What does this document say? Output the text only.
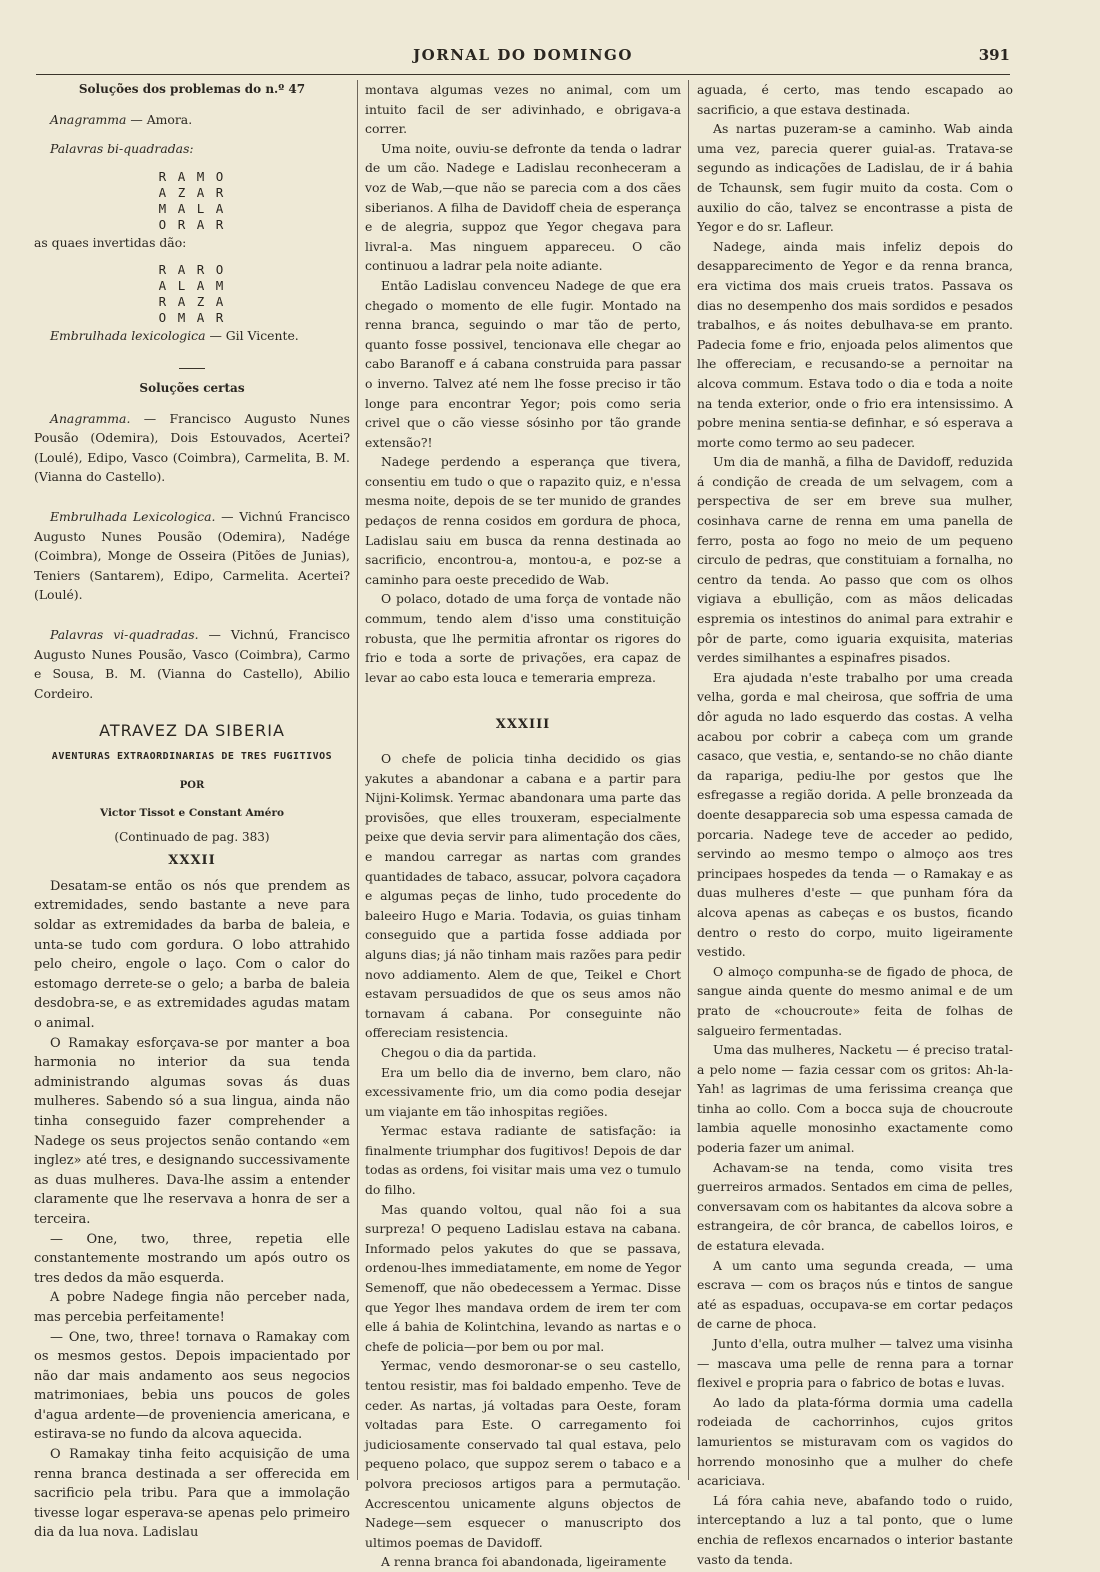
JORNAL DO DOMINGO	391
Soluções dos problemas do n.º 47

Anagramma — Amora.

Palavras bi-quadradas:

R A M O
A Z A R
M A L A
O R A R

as quaes invertidas dão:

R A R O
A L A M
R A Z A
O M A R

Embrulhada lexicologica — Gil Vicente.

Soluções certas

Anagramma. — Francisco Augusto Nunes Pousão (Odemira), Dois Estouvados, Acertei? (Loulé), Edipo, Vasco (Coimbra), Carmelita, B. M. (Vianna do Castello).

Embrulhada Lexicologica. — Vichnú Francisco Augusto Nunes Pousão (Odemira), Nadége (Coimbra), Monge de Osseira (Pitões de Junias), Teniers (Santarem), Edipo, Carmelita. Acertei? (Loulé).

Palavras vi-quadradas. — Vichnú, Francisco Augusto Nunes Pousão, Vasco (Coimbra), Carmo e Sousa, B. M. (Vianna do Castello), Abilio Cordeiro.

ATRAVEZ DA SIBERIA
AVENTURAS EXTRAORDINARIAS DE TRES FUGITIVOS
POR
Victor Tissot e Constant Améro
(Continuado de pag. 383)
XXXII

Desatam-se então os nós que prendem as extremidades, sendo bastante a neve para soldar as extremidades da barba de baleia, e unta-se tudo com gordura. O lobo attrahido pelo cheiro, engole o laço. Com o calor do estomago derrete-se o gelo; a barba de baleia desdobra-se, e as extremidades agudas matam o animal.

O Ramakay esforçava-se por manter a boa harmonia no interior da sua tenda administrando algumas sovas ás duas mulheres. Sabendo só a sua lingua, ainda não tinha conseguido fazer comprehender a Nadege os seus projectos senão contando «em inglez» até tres, e designando successivamente as duas mulheres. Dava-lhe assim a entender claramente que lhe reservava a honra de ser a terceira.

— One, two, three, repetia elle constantemente mostrando um após outro os tres dedos da mão esquerda.

A pobre Nadege fingia não perceber nada, mas percebia perfeitamente!

— One, two, three! tornava o Ramakay com os mesmos gestos. Depois impacientado por não dar mais andamento aos seus negocios matrimoniaes, bebia uns poucos de goles d'agua ardente—de proveniencia americana, e estirava-se no fundo da alcova aquecida.

O Ramakay tinha feito acquisição de uma renna branca destinada a ser offerecida em sacrificio pela tribu. Para que a immolação tivesse logar esperava-se apenas pelo primeiro dia da lua nova. Ladislau

montava algumas vezes no animal, com um intuito facil de ser adivinhado, e obrigava-a correr.

Uma noite, ouviu-se defronte da tenda o ladrar de um cão. Nadege e Ladislau reconheceram a voz de Wab,—que não se parecia com a dos cães siberianos. A filha de Davidoff cheia de esperança e de alegria, suppoz que Yegor chegava para livral-a. Mas ninguem appareceu. O cão continuou a ladrar pela noite adiante.

Então Ladislau convenceu Nadege de que era chegado o momento de elle fugir. Montado na renna branca, seguindo o mar tão de perto, quanto fosse possivel, tencionava elle chegar ao cabo Baranoff e á cabana construida para passar o inverno. Talvez até nem lhe fosse preciso ir tão longe para encontrar Yegor; pois como seria crivel que o cão viesse sósinho por tão grande extensão?!

Nadege perdendo a esperança que tivera, consentiu em tudo o que o rapazito quiz, e n'essa mesma noite, depois de se ter munido de grandes pedaços de renna cosidos em gordura de phoca, Ladislau saiu em busca da renna destinada ao sacrificio, encontrou-a, montou-a, e poz-se a caminho para oeste precedido de Wab.

O polaco, dotado de uma força de vontade não commum, tendo alem d'isso uma constituição robusta, que lhe permitia afrontar os rigores do frio e toda a sorte de privações, era capaz de levar ao cabo esta louca e temeraria empreza.

XXXIII

O chefe de policia tinha decidido os gias yakutes a abandonar a cabana e a partir para Nijni-Kolimsk. Yermac abandonara uma parte das provisões, que elles trouxeram, especialmente peixe que devia servir para alimentação dos cães, e mandou carregar as nartas com grandes quantidades de tabaco, assucar, polvora caçadora e algumas peças de linho, tudo procedente do baleeiro Hugo e Maria. Todavia, os guias tinham conseguido que a partida fosse addiada por alguns dias; já não tinham mais razões para pedir novo addiamento. Alem de que, Teikel e Chort estavam persuadidos de que os seus amos não tornavam á cabana. Por conseguinte não offereciam resistencia.

Chegou o dia da partida.

Era um bello dia de inverno, bem claro, não excessivamente frio, um dia como podia desejar um viajante em tão inhospitas regiões.

Yermac estava radiante de satisfação: ia finalmente triumphar dos fugitivos! Depois de dar todas as ordens, foi visitar mais uma vez o tumulo do filho.

Mas quando voltou, qual não foi a sua surpreza! O pequeno Ladislau estava na cabana. Informado pelos yakutes do que se passava, ordenou-lhes immediatamente, em nome de Yegor Semenoff, que não obedecessem a Yermac. Disse que Yegor lhes mandava ordem de irem ter com elle á bahia de Kolintchina, levando as nartas e o chefe de policia—por bem ou por mal.

Yermac, vendo desmoronar-se o seu castello, tentou resistir, mas foi baldado empenho. Teve de ceder. As nartas, já voltadas para Oeste, foram voltadas para Este. O carregamento foi judiciosamente conservado tal qual estava, pelo pequeno polaco, que suppoz serem o tabaco e a polvora preciosos artigos para a permutação. Accrescentou unicamente alguns objectos de Nadege—sem esquecer o manuscripto dos ultimos poemas de Davidoff.

A renna branca foi abandonada, ligeiramente

aguada, é certo, mas tendo escapado ao sacrificio, a que estava destinada.

As nartas puzeram-se a caminho. Wab ainda uma vez, parecia querer guial-as. Tratava-se segundo as indicações de Ladislau, de ir á bahia de Tchaunsk, sem fugir muito da costa. Com o auxilio do cão, talvez se encontrasse a pista de Yegor e do sr. Lafleur.

Nadege, ainda mais infeliz depois do desapparecimento de Yegor e da renna branca, era victima dos mais crueis tratos. Passava os dias no desempenho dos mais sordidos e pesados trabalhos, e ás noites debulhava-se em pranto. Padecia fome e frio, enjoada pelos alimentos que lhe offereciam, e recusando-se a pernoitar na alcova commum. Estava todo o dia e toda a noite na tenda exterior, onde o frio era intensissimo. A pobre menina sentia-se definhar, e só esperava a morte como termo ao seu padecer.

Um dia de manhã, a filha de Davidoff, reduzida á condição de creada de um selvagem, com a perspectiva de ser em breve sua mulher, cosinhava carne de renna em uma panella de ferro, posta ao fogo no meio de um pequeno circulo de pedras, que constituiam a fornalha, no centro da tenda. Ao passo que com os olhos vigiava a ebullição, com as mãos delicadas espremia os intestinos do animal para extrahir e pôr de parte, como iguaria exquisita, materias verdes similhantes a espinafres pisados.

Era ajudada n'este trabalho por uma creada velha, gorda e mal cheirosa, que soffria de uma dôr aguda no lado esquerdo das costas. A velha acabou por cobrir a cabeça com um grande casaco, que vestia, e, sentando-se no chão diante da rapariga, pediu-lhe por gestos que lhe esfregasse a região dorida. A pelle bronzeada da doente desapparecia sob uma espessa camada de porcaria. Nadege teve de acceder ao pedido, servindo ao mesmo tempo o almoço aos tres principaes hospedes da tenda — o Ramakay e as duas mulheres d'este — que punham fóra da alcova apenas as cabeças e os bustos, ficando dentro o resto do corpo, muito ligeiramente vestido.

O almoço compunha-se de figado de phoca, de sangue ainda quente do mesmo animal e de um prato de «choucroute» feita de folhas de salgueiro fermentadas.

Uma das mulheres, Nacketu — é preciso tratal-a pelo nome — fazia cessar com os gritos: Ah-la-Yah! as lagrimas de uma ferissima creança que tinha ao collo. Com a bocca suja de choucroute lambia aquelle monosinho exactamente como poderia fazer um animal.

Achavam-se na tenda, como visita tres guerreiros armados. Sentados em cima de pelles, conversavam com os habitantes da alcova sobre a estrangeira, de côr branca, de cabellos loiros, e de estatura elevada.

A um canto uma segunda creada, — uma escrava — com os braços nús e tintos de sangue até as espaduas, occupava-se em cortar pedaços de carne de phoca.

Junto d'ella, outra mulher — talvez uma visinha — mascava uma pelle de renna para a tornar flexivel e propria para o fabrico de botas e luvas.

Ao lado da plata-fórma dormia uma cadella rodeiada de cachorrinhos, cujos gritos lamurientos se misturavam com os vagidos do horrendo monosinho que a mulher do chefe acariciava.

Lá fóra cahia neve, abafando todo o ruido, interceptando a luz a tal ponto, que o lume enchia de reflexos encarnados o interior bastante vasto da tenda.
